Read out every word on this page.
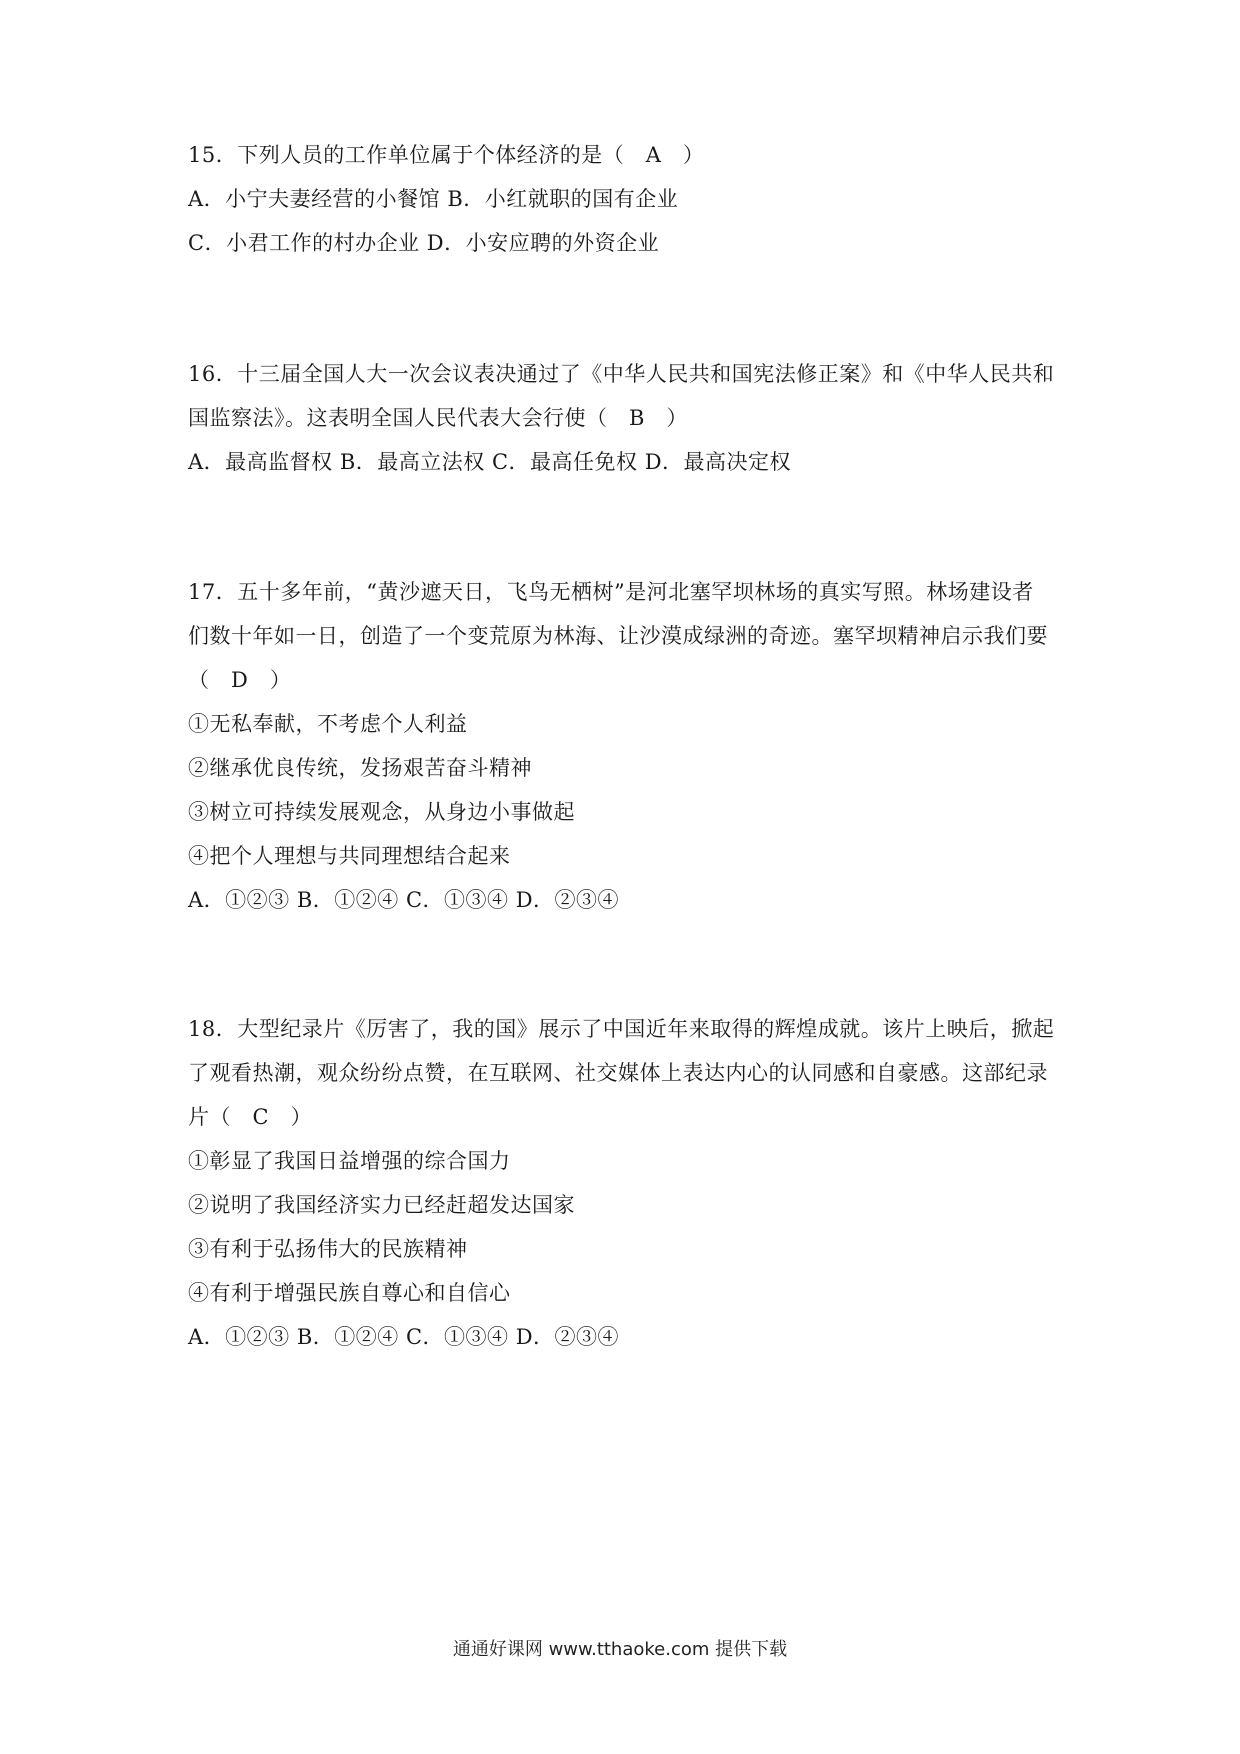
15．下列人员的工作单位属于个体经济的是（　A　）
A．小宁夫妻经营的小餐馆 B．小红就职的国有企业
C．小君工作的村办企业 D．小安应聘的外资企业
16．十三届全国人大一次会议表决通过了《中华人民共和国宪法修正案》和《中华人民共和
国监察法》。这表明全国人民代表大会行使（　B　）
A．最高监督权 B．最高立法权 C．最高任免权 D．最高决定权
17．五十多年前，“黄沙遮天日，飞鸟无栖树”是河北塞罕坝林场的真实写照。林场建设者
们数十年如一日，创造了一个变荒原为林海、让沙漠成绿洲的奇迹。塞罕坝精神启示我们要
（　D　）
①无私奉献，不考虑个人利益
②继承优良传统，发扬艰苦奋斗精神
③树立可持续发展观念，从身边小事做起
④把个人理想与共同理想结合起来
A．①②③ B．①②④ C．①③④ D．②③④
18．大型纪录片《厉害了，我的国》展示了中国近年来取得的辉煌成就。该片上映后，掀起
了观看热潮，观众纷纷点赞，在互联网、社交媒体上表达内心的认同感和自豪感。这部纪录
片（　C　）
①彰显了我国日益增强的综合国力
②说明了我国经济实力已经赶超发达国家
③有利于弘扬伟大的民族精神
④有利于增强民族自尊心和自信心
A．①②③ B．①②④ C．①③④ D．②③④
通通好课网 www.tthaoke.com 提供下载
